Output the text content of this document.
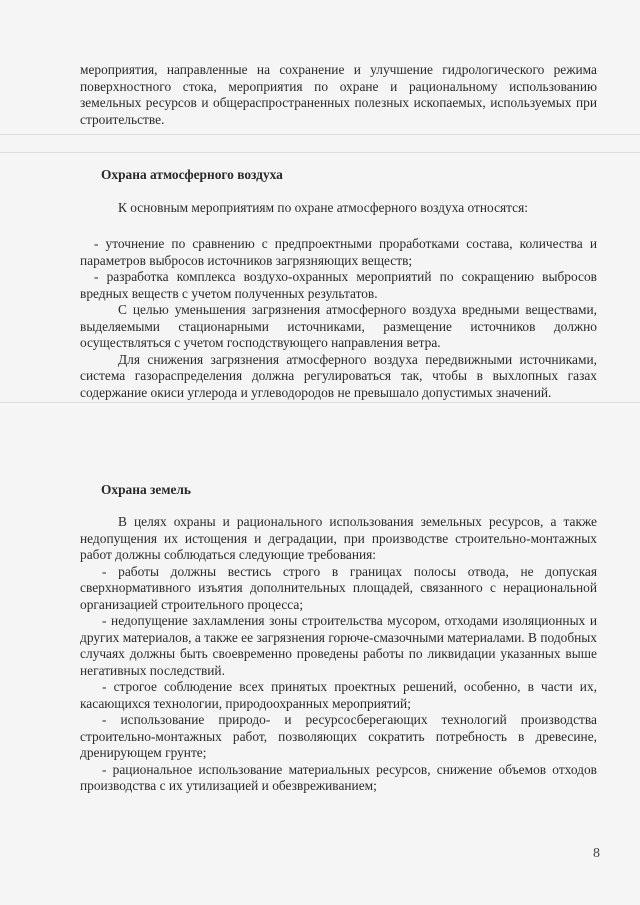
мероприятия, направленные на сохранение и улучшение гидрологического режима поверхностного стока, мероприятия по охране и рациональному использованию земельных ресурсов и общераспространенных полезных ископаемых, используемых при строительстве.

Охрана атмосферного воздуха

К основным мероприятиям по охране атмосферного воздуха относятся:

- уточнение по сравнению с предпроектными проработками состава, количества и параметров выбросов источников загрязняющих веществ;

- разработка комплекса воздухо-охранных мероприятий по сокращению выбросов вредных веществ с учетом полученных результатов.

С целью уменьшения загрязнения атмосферного воздуха вредными веществами, выделяемыми стационарными источниками, размещение источников должно осуществляться с учетом господствующего направления ветра.

Для снижения загрязнения атмосферного воздуха передвижными источниками, система газораспределения должна регулироваться так, чтобы в выхлопных газах содержание окиси углерода и углеводородов не превышало допустимых значений.

Охрана земель

В целях охраны и рационального использования земельных ресурсов, а также недопущения их истощения и деградации, при производстве строительно-монтажных работ должны соблюдаться следующие требования:

- работы должны вестись строго в границах полосы отвода, не допуская сверхнормативного изъятия дополнительных площадей, связанного с нерациональной организацией строительного процесса;

- недопущение захламления зоны строительства мусором, отходами изоляционных и других материалов, а также ее загрязнения горюче-смазочными материалами. В подобных случаях должны быть своевременно проведены работы по ликвидации указанных выше негативных последствий.

- строгое соблюдение всех принятых проектных решений, особенно, в части их, касающихся технологии, природоохранных мероприятий;

- использование природо- и ресурсосберегающих технологий производства строительно-монтажных работ, позволяющих сократить потребность в древесине, дренирующем грунте;

- рациональное использование материальных ресурсов, снижение объемов отходов производства с их утилизацией и обезвреживанием;

8
